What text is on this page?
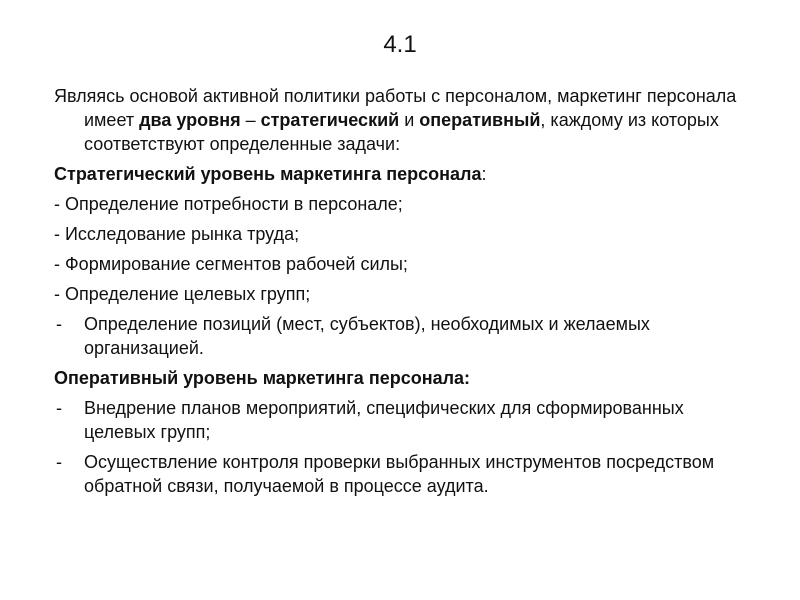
4.1
Являясь основой активной политики работы с персоналом, маркетинг персонала имеет два уровня – стратегический и оперативный, каждому из которых соответствуют определенные задачи:
Стратегический уровень маркетинга персонала:
- Определение потребности в персонале;
- Исследование рынка труда;
- Формирование сегментов рабочей силы;
- Определение целевых групп;
- Определение позиций (мест, субъектов), необходимых и желаемых организацией.
Оперативный уровень маркетинга персонала:
- Внедрение планов мероприятий, специфических для сформированных целевых групп;
- Осуществление контроля проверки выбранных инструментов посредством обратной связи, получаемой в процессе аудита.
